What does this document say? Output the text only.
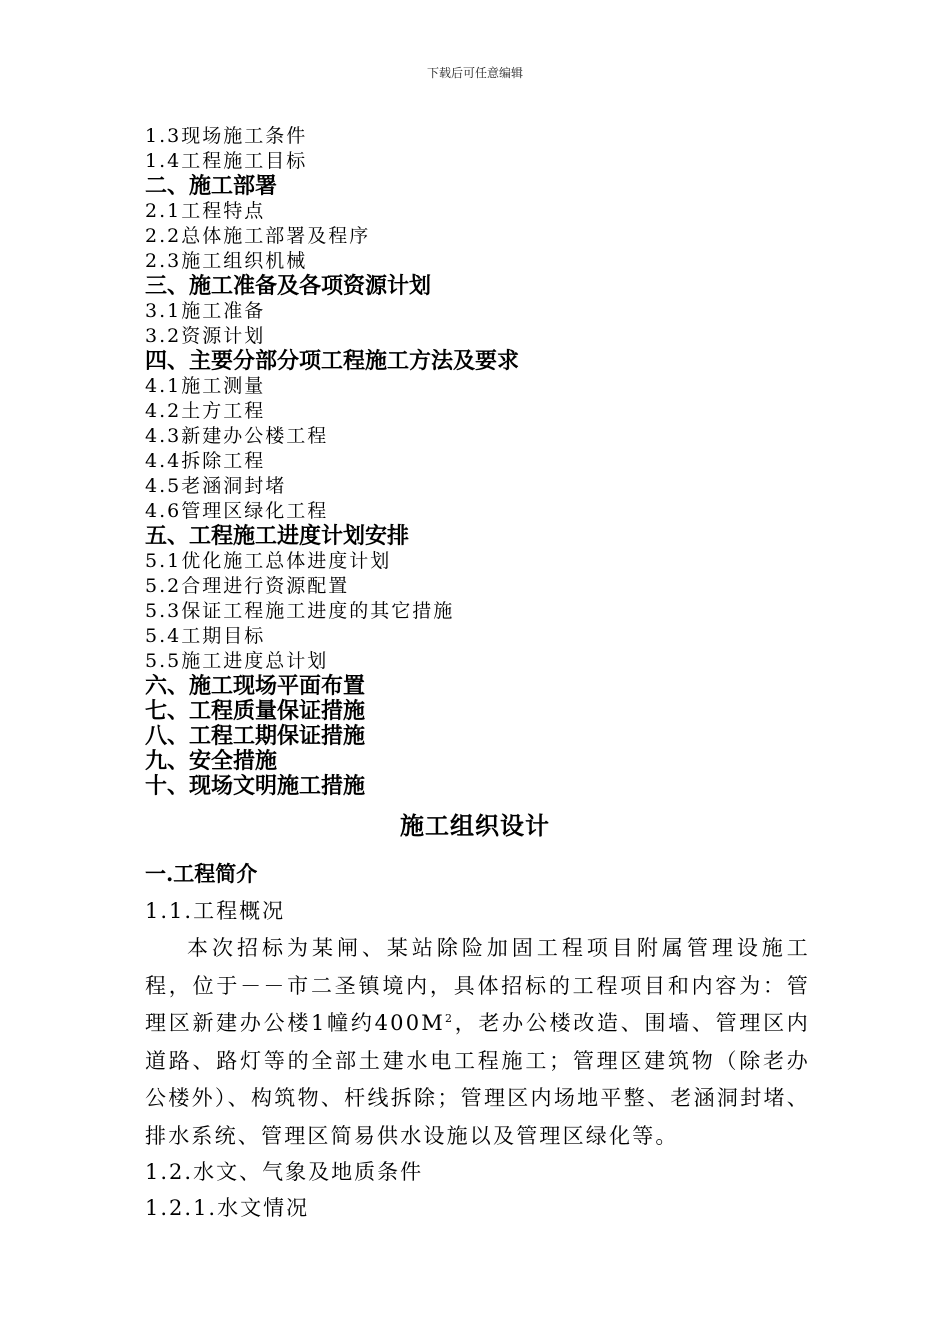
下载后可任意编辑
1.3现场施工条件
1.4工程施工目标
二、施工部署
2.1工程特点
2.2总体施工部署及程序
2.3施工组织机械
三、施工准备及各项资源计划
3.1施工准备
3.2资源计划
四、主要分部分项工程施工方法及要求
4.1施工测量
4.2土方工程
4.3新建办公楼工程
4.4拆除工程
4.5老涵洞封堵
4.6管理区绿化工程
五、工程施工进度计划安排
5.1优化施工总体进度计划
5.2合理进行资源配置
5.3保证工程施工进度的其它措施
5.4工期目标
5.5施工进度总计划
六、施工现场平面布置
七、工程质量保证措施
八、工程工期保证措施
九、安全措施
十、现场文明施工措施
施工组织设计
一.工程简介
1.1.工程概况
本次招标为某闸、某站除险加固工程项目附属管理设施工程，位于－－市二圣镇境内，具体招标的工程项目和内容为：管理区新建办公楼1幢约$400M^2$，老办公楼改造、围墙、管理区内道路、路灯等的全部土建水电工程施工；管理区建筑物（除老办公楼外）、构筑物、杆线拆除；管理区内场地平整、老涵洞封堵、排水系统、管理区简易供水设施以及管理区绿化等。
1.2.水文、气象及地质条件
1.2.1.水文情况
